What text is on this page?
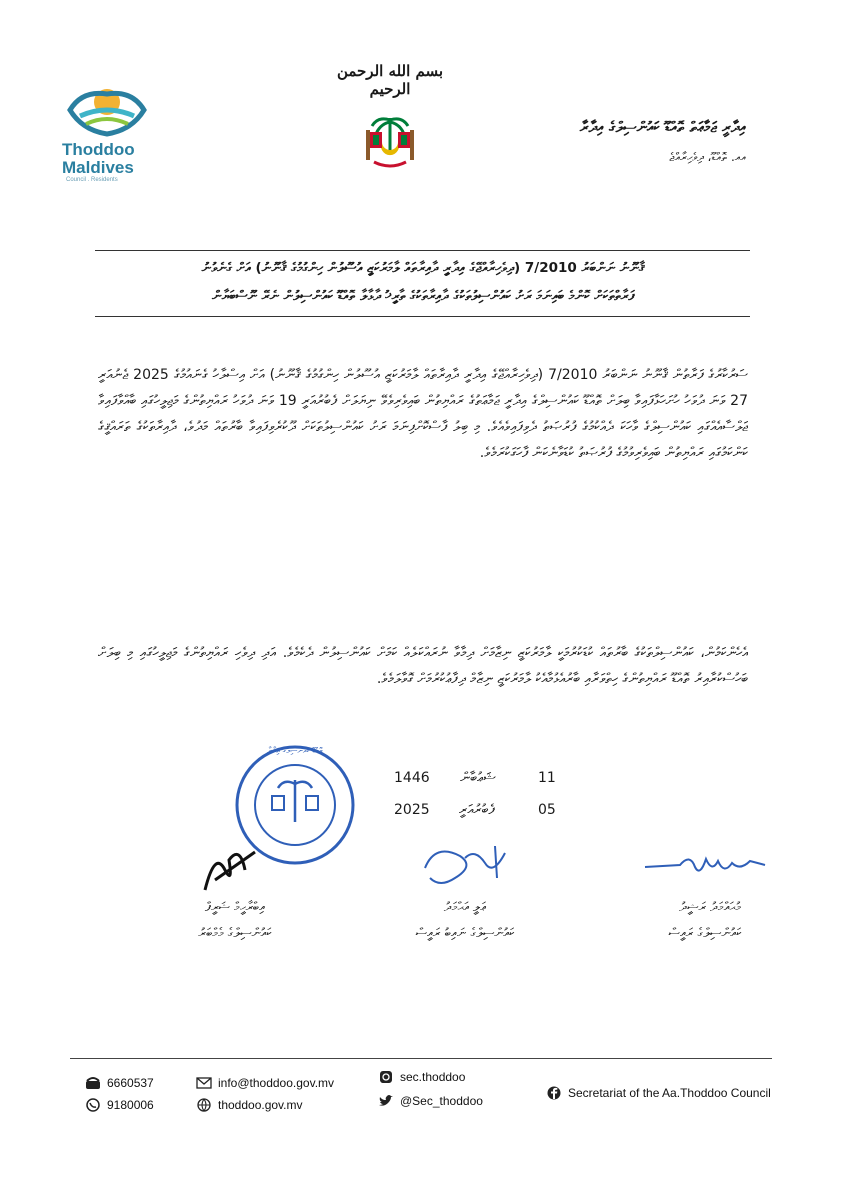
Thoddoo
Maldives
Council . Residents
بسم الله الرحمن الرحيم
އިދާރީ ޖަމާޢަތް ތޮއްޑޫ ކައުންސިލްގެ އިދާރާ
އއ. ތޮއްޑޫ، ދިވެހިރާއްޖެ
ޤާނޫނު ނަންބަރު 7/2010 (ދިވެހިރާއްޖޭގެ އިދާރީ ދާއިރާތައް ލާމަރުކަޒީ އުސޫލުން ހިންގުމުގެ ޤާނޫނު) އަށް ގެނެވުނު
ފަރާތްތަކަށް ކޮންމެ ބައިނަމަ ރަށު ކައުންސިލުތަކުގެ ދާއިރާތަކުގެ ތާރީޚު ދާޅާލާ ތޮއްޑޫ ކައުންސިލުން ނެރޭ ނޫސްބަޔާން
ސަރުކާރުގެ ފަރާތުން ޤާނޫނު ނަންބަރު 7/2010 (ދިވެހިރާއްޖޭގެ އިދާރީ ދާއިރާތައް ލާމަރުކަޒީ އުސޫލުން ހިންގުމުގެ ޤާނޫނު) އަށް އިސްލާހު ގެނައުމުގެ 2025 ޖެނުއަރީ 27 ވަނަ ދުވަހު ހުށަހަޅާފައިވާ ބިލަށް ތޮއްޑޫ ކައުންސިލްގެ އިދާރީ ޖަމާޢަތުގެ ރައްޔިތުން ބައިވެރިވެވޭ ނިޔަލަށް ފެބުރުއަރީ 19 ވަނަ ދުވަހު ރައްޔިތުންގެ މަޖިލީހުގައި ބާއްވާފައިވާ ޖަލްސާއެއްގައި ކައުންސިލްގެ ވާހަކަ ދެއްކުމުގެ ފުރުޞަތު ދެވިފައިވެއެވެ. މި ބިލު ފާސްކޮށްފިނަމަ ރަށު ކައުންސިލުތަކަށް ދޫކުރެވިފައިވާ ބާރުތައް މަދުވެ، ދާއިރާތަކުގެ ތަރައްޤީގެ ކަންކަމުގައި ރައްޔިތުން ބައިވެރިވުމުގެ ފުރުޞަތު ކުޑަވާނެކަން ފާހަގަކުރަމެވެ.
އެހެންކަމުން، ކައުންސިލްތަކުގެ ބާރުތައް ކުޑަކުރުމަކީ ލާމަރުކަޒީ ނިޒާމަށް ދިމާވާ ނުރައްކަލެއް ކަމަށް ކައުންސިލުން ދެކެމެވެ. އަދި ދިވެހި ރައްޔިތުންގެ މަޖިލީހުގައި މި ބިލަށް ބަހުސްކުރާއިރު ތޮއްޑޫ ރައްޔިތުންގެ ހިތްވަރާއި ބާރުއެޅުމާއެކު ލާމަރުކަޒީ ނިޒާމް ދިފާޢުކުރުމަށް ގޮވާލަމެވެ.
1446	ޝަޢުބާން	11
2025	ފެބުރުއަރީ	05
ތޮއްޑޫ ކައުންސިލްގެ އިދާރާ
އިބްރާހީމް ޝަރީފް
ކައުންސިލްގެ މެމްބަރު
ޢަލީ އަޙްމަދު
ކައުންސިލްގެ ނައިބު ރައީސް
މުޙައްމަދު ރަޝީދު
ކައުންސިލްގެ ރައީސް
6660537
9180006
info@thoddoo.gov.mv
thoddoo.gov.mv
sec.thoddoo
@Sec_thoddoo
Secretariat of the Aa.Thoddoo Council
